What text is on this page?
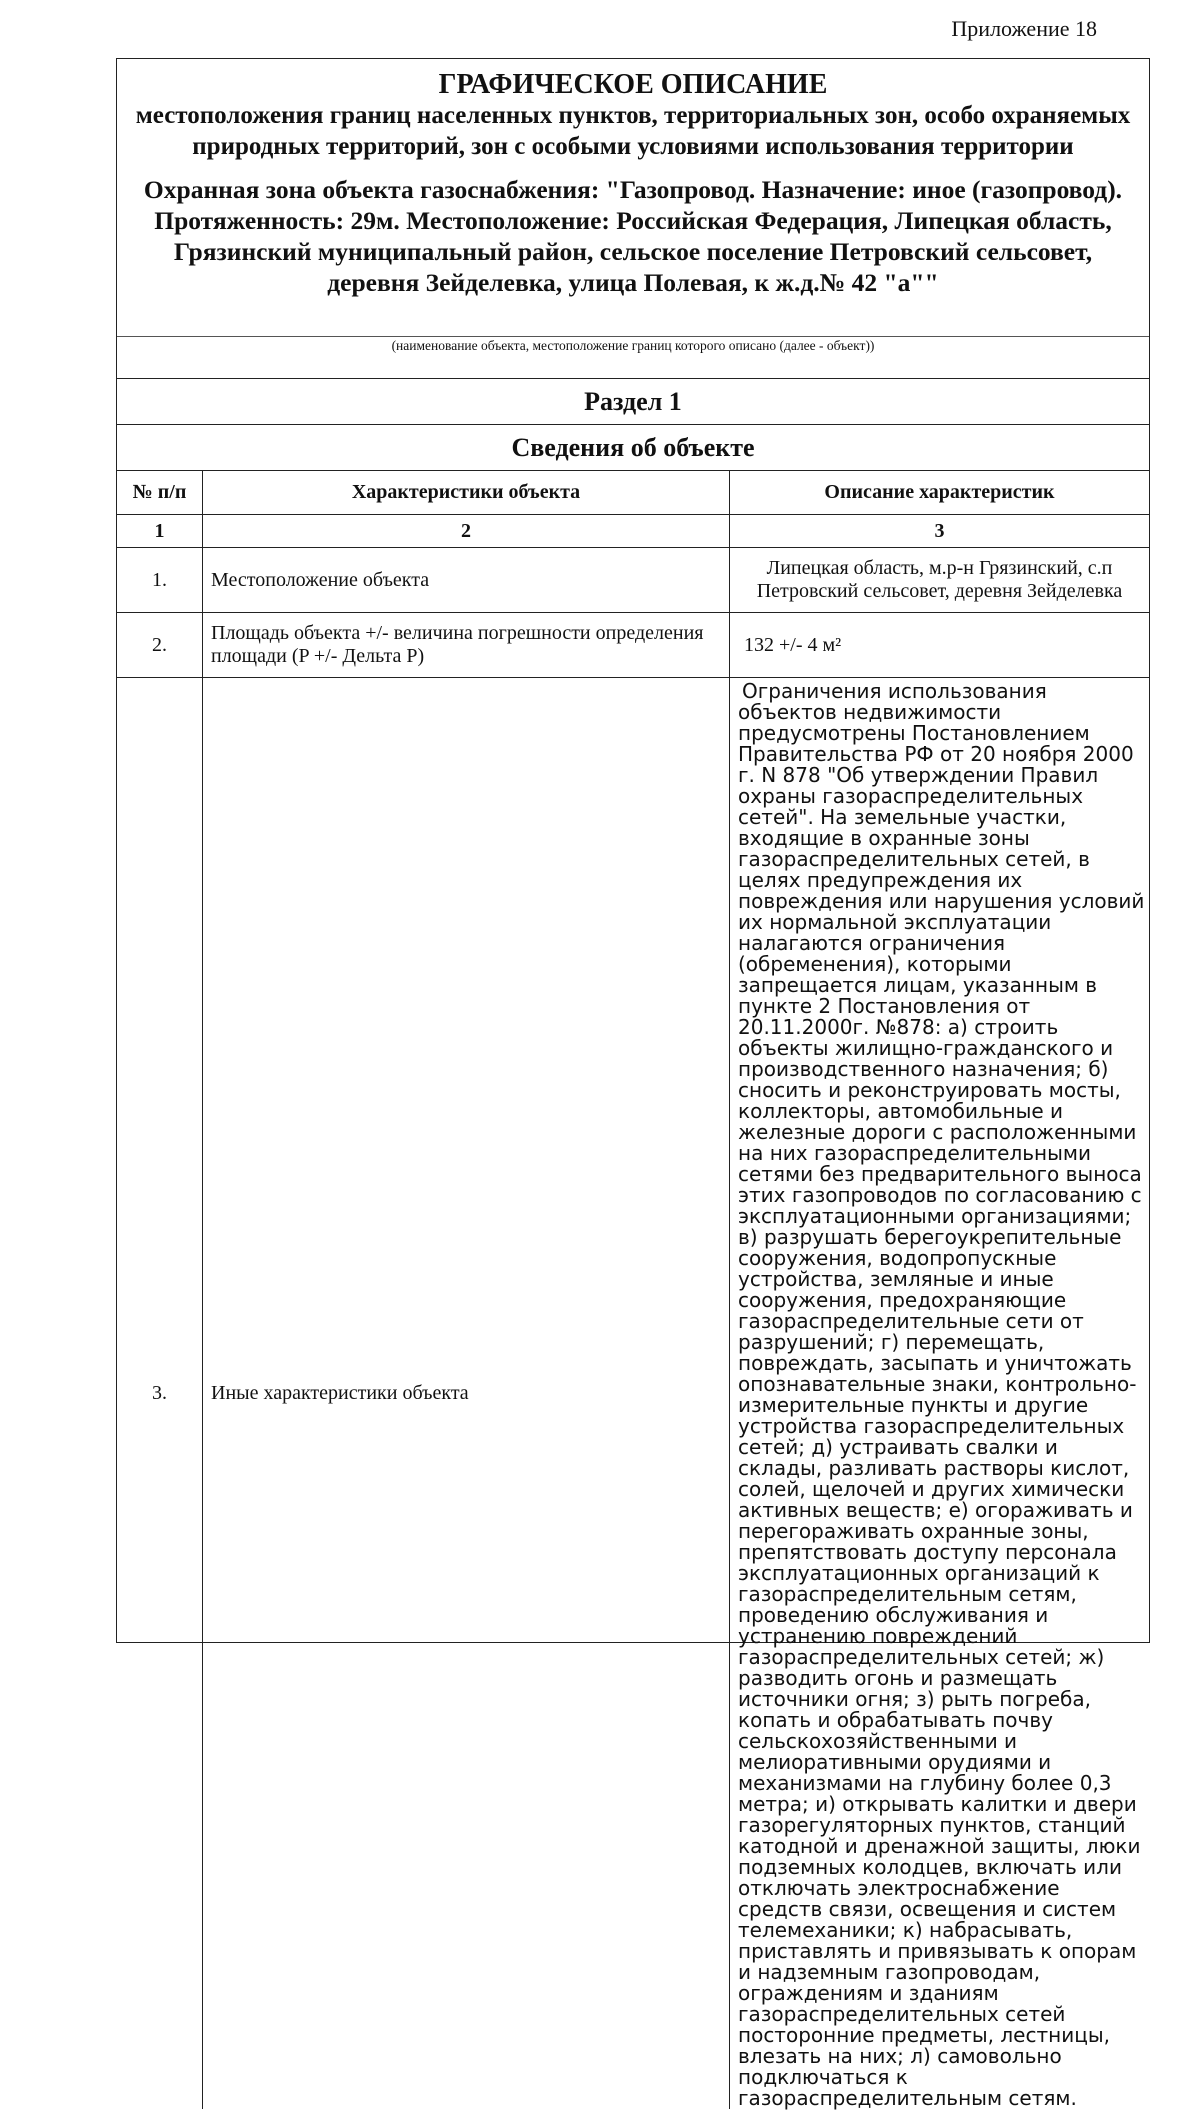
Приложение 18
ГРАФИЧЕСКОЕ ОПИСАНИЕ
местоположения границ населенных пунктов, территориальных зон, особо охраняемых природных территорий, зон с особыми условиями использования территории
Охранная зона объекта газоснабжения: "Газопровод. Назначение: иное (газопровод). Протяженность: 29м. Местоположение: Российская Федерация, Липецкая область, Грязинский муниципальный район, сельское поселение Петровский сельсовет, деревня Зейделевка, улица Полевая, к ж.д.№ 42 "а""
(наименование объекта, местоположение границ которого описано (далее - объект))
Раздел 1
Сведения об объекте
№ п/п	Характеристики объекта	Описание характеристик
1	2	3
1.	Местоположение объекта	Липецкая область, м.р-н Грязинский, с.п Петровский сельсовет, деревня Зейделевка
2.	Площадь объекта +/- величина погрешности определения площади (P +/- Дельта P)	132 +/- 4 м²
3.	Иные характеристики объекта	Ограничения использования объектов недвижимости предусмотрены Постановлением Правительства РФ от 20 ноября 2000 г. N 878 "Об утверждении Правил охраны газораспределительных сетей". На земельные участки, входящие в охранные зоны газораспределительных сетей, в целях предупреждения их повреждения или нарушения условий их нормальной эксплуатации налагаются ограничения (обременения), которыми запрещается лицам, указанным в пункте 2 Постановления от 20.11.2000г. №878: а) строить объекты жилищно-гражданского и производственного назначения; б) сносить и реконструировать мосты, коллекторы, автомобильные и железные дороги с расположенными на них газораспределительными сетями без предварительного выноса этих газопроводов по согласованию с эксплуатационными организациями; в) разрушать берегоукрепительные сооружения, водопропускные устройства, земляные и иные сооружения, предохраняющие газораспределительные сети от разрушений; г) перемещать, повреждать, засыпать и уничтожать опознавательные знаки, контрольно-измерительные пункты и другие устройства газораспределительных сетей; д) устраивать свалки и склады, разливать растворы кислот, солей, щелочей и других химически активных веществ; е) огораживать и перегораживать охранные зоны, препятствовать доступу персонала эксплуатационных организаций к газораспределительным сетям, проведению обслуживания и устранению повреждений газораспределительных сетей; ж) разводить огонь и размещать источники огня; з) рыть погреба, копать и обрабатывать почву сельскохозяйственными и мелиоративными орудиями и механизмами на глубину более 0,3 метра; и) открывать калитки и двери газорегуляторных пунктов, станций катодной и дренажной защиты, люки подземных колодцев, включать или отключать электроснабжение средств связи, освещения и систем телемеханики; к) набрасывать, приставлять и привязывать к опорам и надземным газопроводам, ограждениям и зданиям газораспределительных сетей посторонние предметы, лестницы, влезать на них; л) самовольно подключаться к газораспределительным сетям.
